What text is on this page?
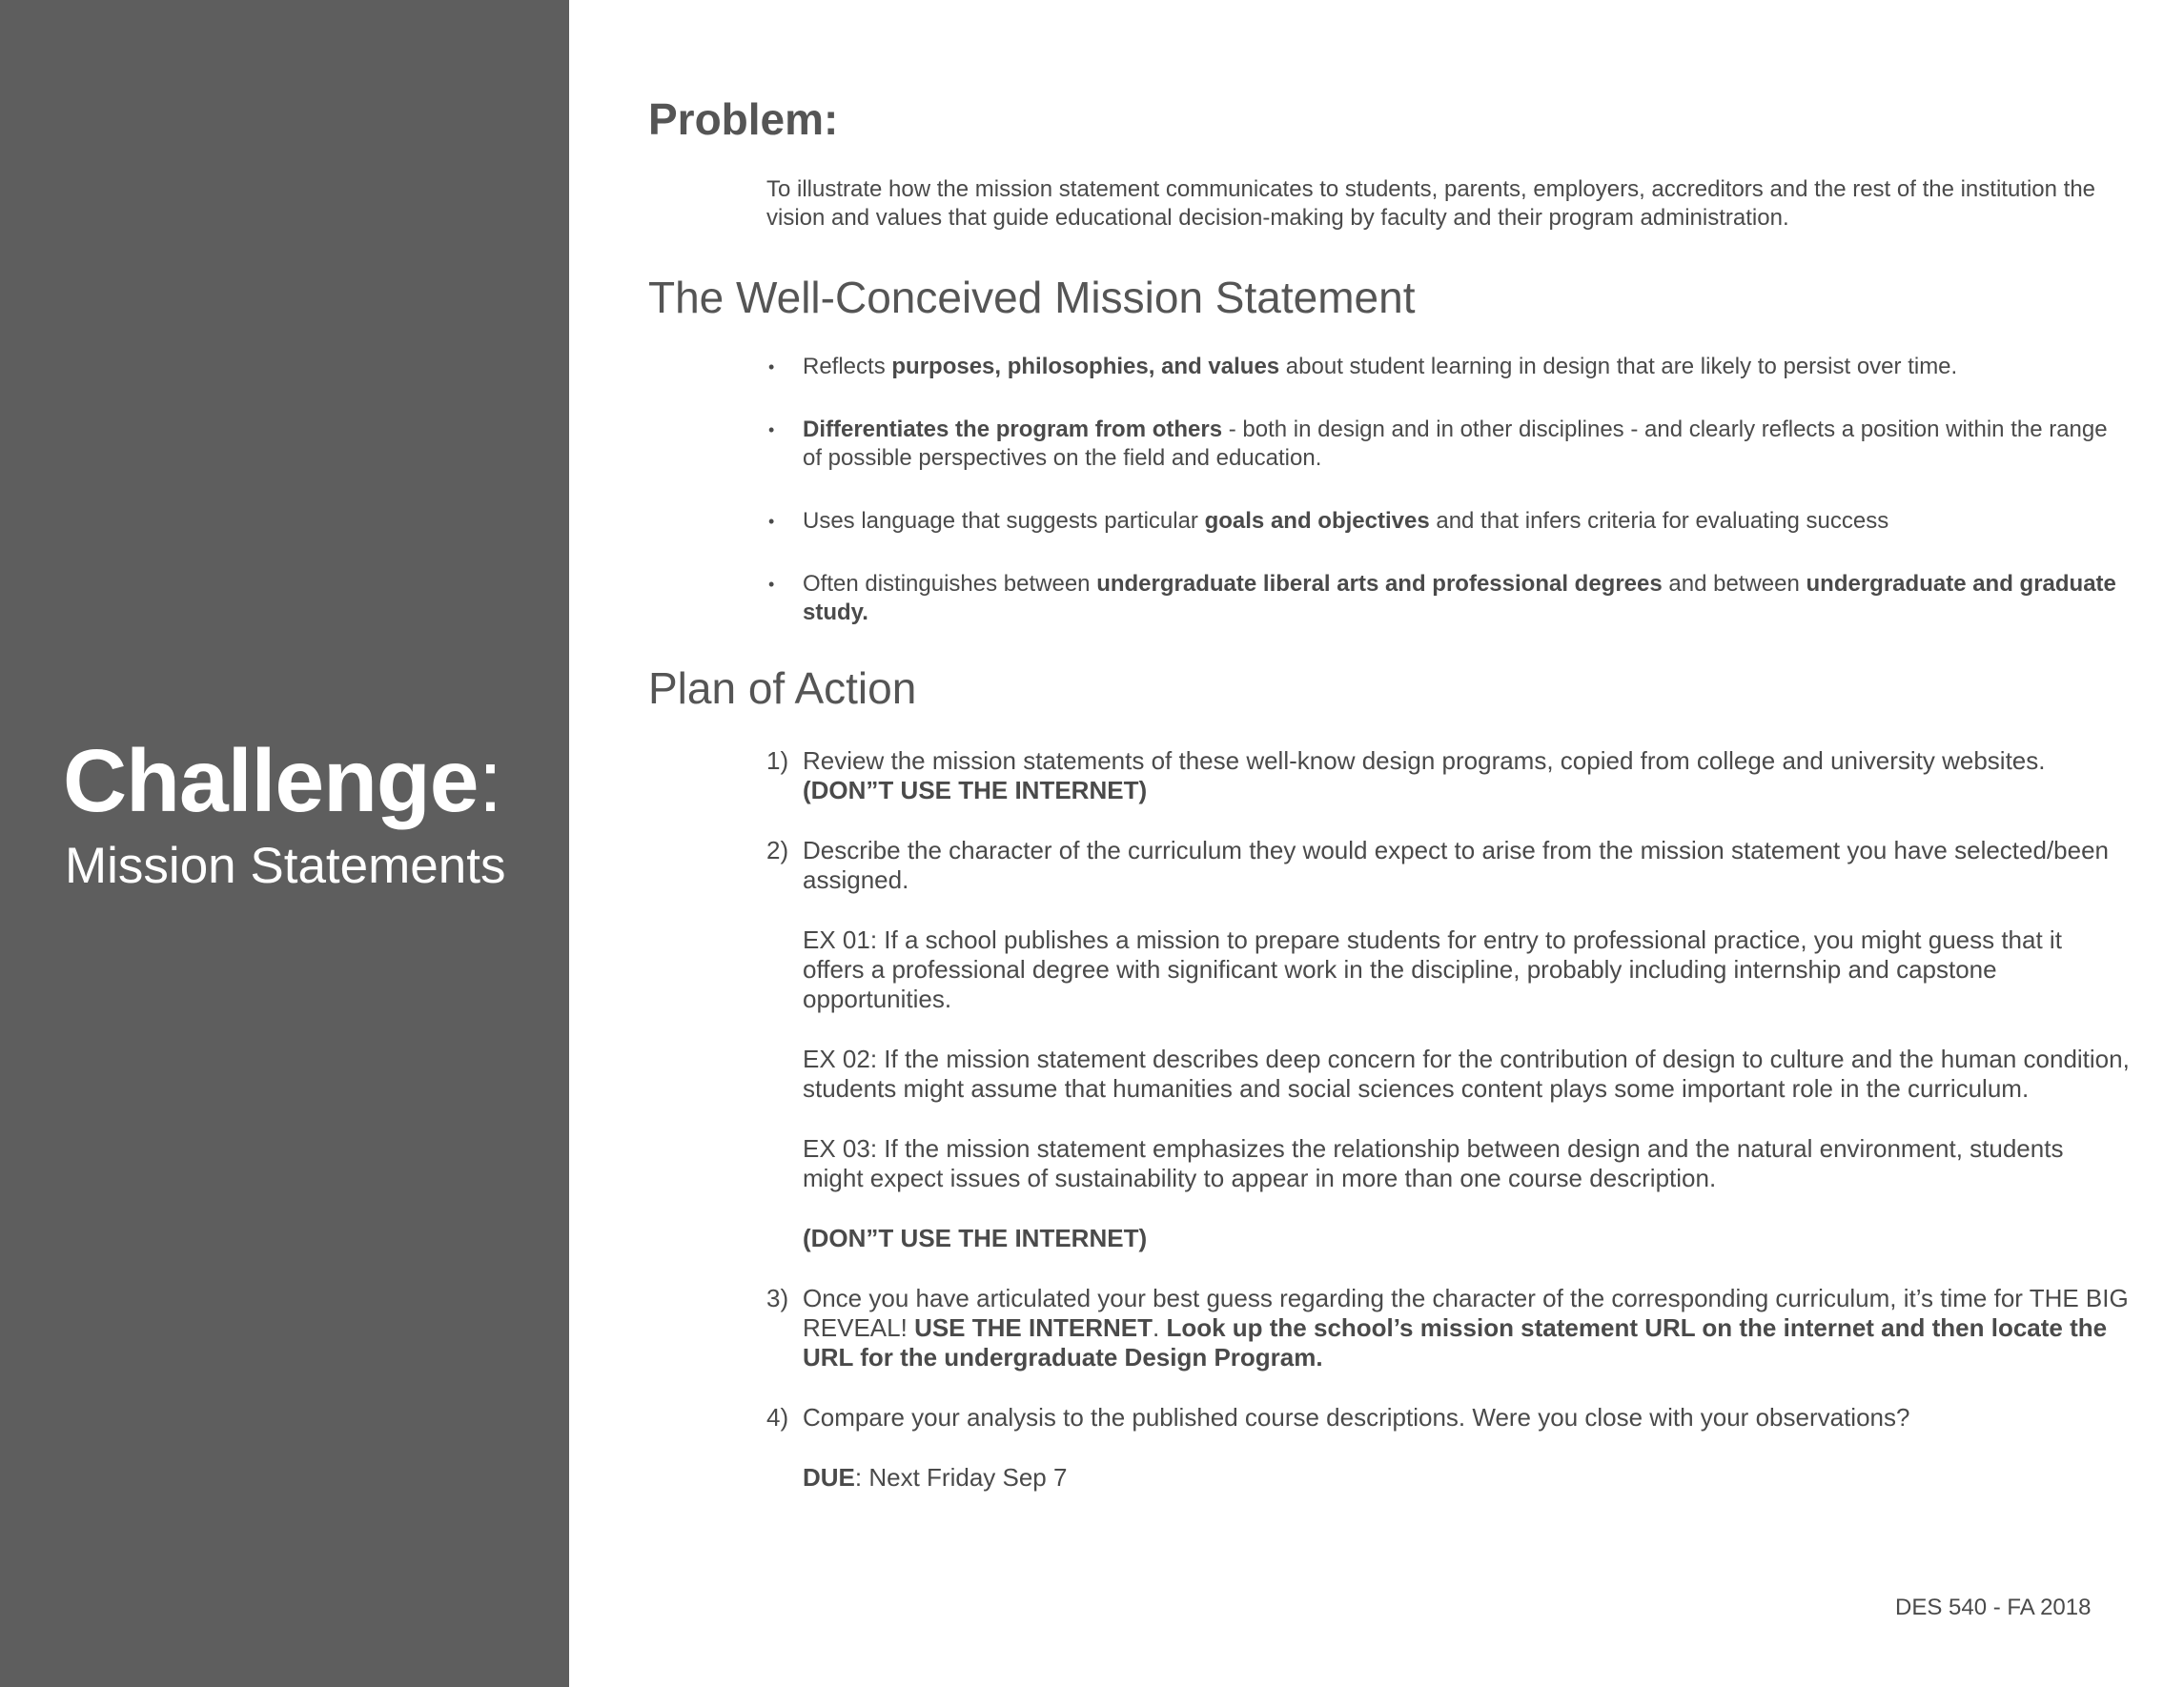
Challenge:
Mission Statements
Problem:
To illustrate how the mission statement communicates to students, parents, employers, accreditors and the rest of the institution the vision and values that guide educational decision-making by faculty and their program administration.
The Well-Conceived Mission Statement
• Reflects purposes, philosophies, and values about student learning in design that are likely to persist over time.
• Differentiates the program from others - both in design and in other disciplines - and clearly reflects a position within the range of possible perspectives on the field and education.
• Uses language that suggests particular goals and objectives and that infers criteria for evaluating success
• Often distinguishes between undergraduate liberal arts and professional degrees and between undergraduate and graduate study.
Plan of Action
1) Review the mission statements of these well-know design programs, copied from college and university websites.
(DON”T USE THE INTERNET)
2) Describe the character of the curriculum they would expect to arise from the mission statement you have selected/been assigned.
EX 01: If a school publishes a mission to prepare students for entry to professional practice, you might guess that it offers a professional degree with significant work in the discipline, probably including internship and capstone opportunities.
EX 02: If the mission statement describes deep concern for the contribution of design to culture and the human condition, students might assume that humanities and social sciences content plays some important role in the curriculum.
EX 03: If the mission statement emphasizes the relationship between design and the natural environment, students might expect issues of sustainability to appear in more than one course description.
(DON”T USE THE INTERNET)
3) Once you have articulated your best guess regarding the character of the corresponding curriculum, it’s time for THE BIG REVEAL! USE THE INTERNET. Look up the school’s mission statement URL on the internet and then locate the URL for the undergraduate Design Program.
4) Compare your analysis to the published course descriptions. Were you close with your observations?
DUE: Next Friday Sep 7
DES 540 - FA 2018
